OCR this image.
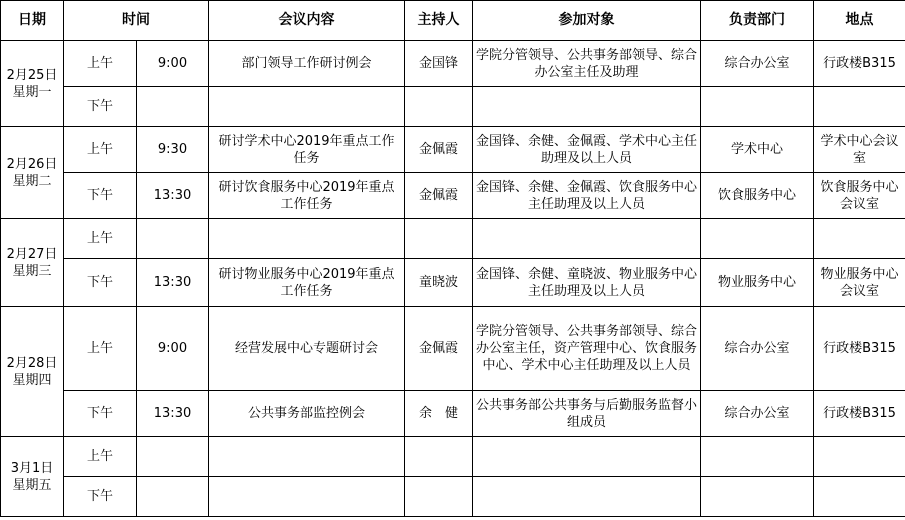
日期	时间		会议内容	主持人	参加对象	负责部门	地点

2月25日
星期一	上午	9:00	部门领导工作研讨例会	金国锋	学院分管领导、公共事务部领导、综合办公室主任及助理	综合办公室	行政楼B315
	下午						

2月26日
星期二	上午	9:30	研讨学术中心2019年重点工作任务	金佩霞	金国锋、余健、金佩霞、学术中心主任助理及以上人员	学术中心	学术中心会议室
	下午	13:30	研讨饮食服务中心2019年重点工作任务	金佩霞	金国锋、余健、金佩霞、饮食服务中心主任助理及以上人员	饮食服务中心	饮食服务中心会议室

2月27日
星期三	上午						
	下午	13:30	研讨物业服务中心2019年重点工作任务	童晓波	金国锋、余健、童晓波、物业服务中心主任助理及以上人员	物业服务中心	物业服务中心会议室

2月28日
星期四	上午	9:00	经营发展中心专题研讨会	金佩霞	学院分管领导、公共事务部领导、综合办公室主任，资产管理中心、饮食服务中心、学术中心主任助理及以上人员	综合办公室	行政楼B315
	下午	13:30	公共事务部监控例会	余　健	公共事务部公共事务与后勤服务监督小组成员	综合办公室	行政楼B315

3月1日
星期五	上午						
	下午						
